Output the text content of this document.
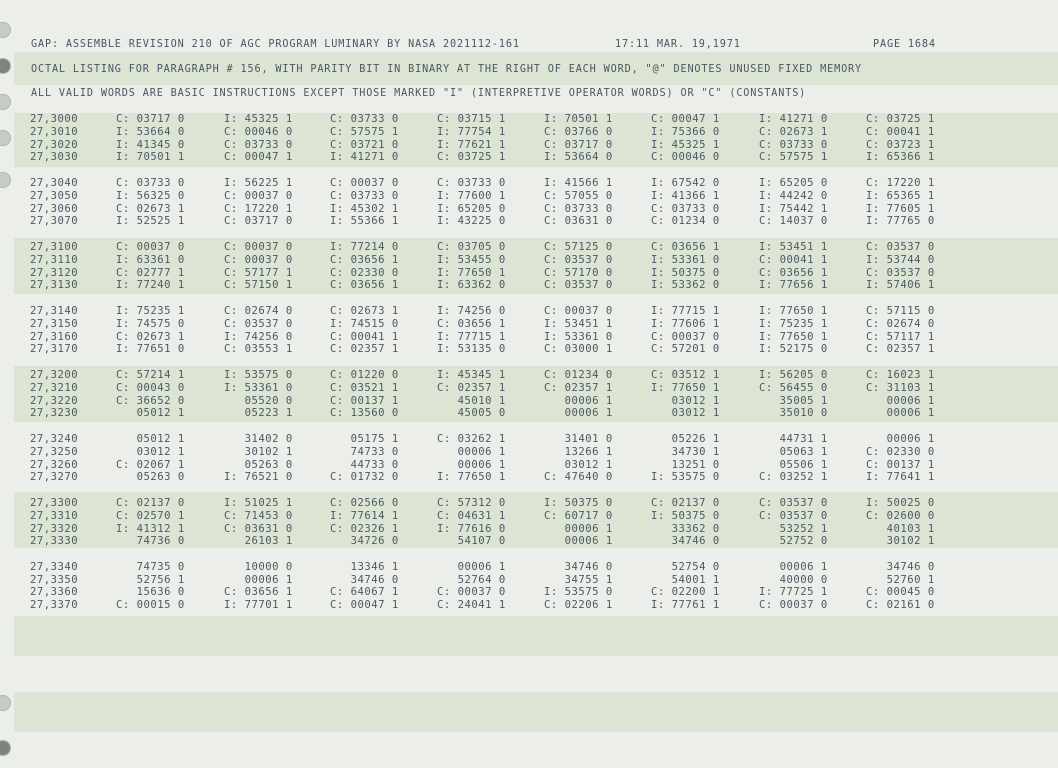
GAP: ASSEMBLE REVISION 210 OF AGC PROGRAM LUMINARY BY NASA 2021112-161	17:11 MAR. 19,1971	PAGE 1684
OCTAL LISTING FOR PARAGRAPH # 156, WITH PARITY BIT IN BINARY AT THE RIGHT OF EACH WORD, "@" DENOTES UNUSED FIXED MEMORY
ALL VALID WORDS ARE BASIC INSTRUCTIONS EXCEPT THOSE MARKED "I" (INTERPRETIVE OPERATOR WORDS) OR "C" (CONSTANTS)
27,3000	C: 03717 0	I: 45325 1	C: 03733 0	C: 03715 1	I: 70501 1	C: 00047 1	I: 41271 0	C: 03725 1
27,3010	I: 53664 0	C: 00046 0	C: 57575 1	I: 77754 1	C: 03766 0	I: 75366 0	C: 02673 1	C: 00041 1
27,3020	I: 41345 0	C: 03733 0	C: 03721 0	I: 77621 1	C: 03717 0	I: 45325 1	C: 03733 0	C: 03723 1
27,3030	I: 70501 1	C: 00047 1	I: 41271 0	C: 03725 1	I: 53664 0	C: 00046 0	C: 57575 1	I: 65366 1
27,3040	C: 03733 0	I: 56225 1	C: 00037 0	C: 03733 0	I: 41566 1	I: 67542 0	I: 65205 0	C: 17220 1
27,3050	I: 56325 0	C: 00037 0	C: 03733 0	I: 77600 1	C: 57055 0	I: 41366 1	I: 44242 0	I: 65365 1
27,3060	C: 02673 1	C: 17220 1	I: 45302 1	I: 65205 0	C: 03733 0	C: 03733 0	I: 75442 1	I: 77605 1
27,3070	I: 52525 1	C: 03717 0	I: 55366 1	I: 43225 0	C: 03631 0	C: 01234 0	C: 14037 0	I: 77765 0
27,3100	C: 00037 0	C: 00037 0	I: 77214 0	C: 03705 0	C: 57125 0	C: 03656 1	I: 53451 1	C: 03537 0
27,3110	I: 63361 0	C: 00037 0	C: 03656 1	I: 53455 0	C: 03537 0	I: 53361 0	C: 00041 1	I: 53744 0
27,3120	C: 02777 1	C: 57177 1	C: 02330 0	I: 77650 1	C: 57170 0	I: 50375 0	C: 03656 1	C: 03537 0
27,3130	I: 77240 1	C: 57150 1	C: 03656 1	I: 63362 0	C: 03537 0	I: 53362 0	I: 77656 1	I: 57406 1
27,3140	I: 75235 1	C: 02674 0	C: 02673 1	I: 74256 0	C: 00037 0	I: 77715 1	I: 77650 1	C: 57115 0
27,3150	I: 74575 0	C: 03537 0	I: 74515 0	C: 03656 1	I: 53451 1	I: 77606 1	I: 75235 1	C: 02674 0
27,3160	C: 02673 1	I: 74256 0	C: 00041 1	I: 77715 1	I: 53361 0	C: 00037 0	I: 77650 1	C: 57117 1
27,3170	I: 77651 0	C: 03553 1	C: 02357 1	I: 53135 0	C: 03000 1	C: 57201 0	I: 52175 0	C: 02357 1
27,3200	C: 57214 1	I: 53575 0	C: 01220 0	I: 45345 1	C: 01234 0	C: 03512 1	I: 56205 0	C: 16023 1
27,3210	C: 00043 0	I: 53361 0	C: 03521 1	C: 02357 1	C: 02357 1	I: 77650 1	C: 56455 0	C: 31103 1
27,3220	C: 36652 0	05520 0	C: 00137 1	45010 1	00006 1	03012 1	35005 1	00006 1
27,3230	05012 1	05223 1	C: 13560 0	45005 0	00006 1	03012 1	35010 0	00006 1
27,3240	05012 1	31402 0	05175 1	C: 03262 1	31401 0	05226 1	44731 1	00006 1
27,3250	03012 1	30102 1	74733 0	00006 1	13266 1	34730 1	05063 1	C: 02330 0
27,3260	C: 02067 1	05263 0	44733 0	00006 1	03012 1	13251 0	05506 1	C: 00137 1
27,3270	05263 0	I: 76521 0	C: 01732 0	I: 77650 1	C: 47640 0	I: 53575 0	C: 03252 1	I: 77641 1
27,3300	C: 02137 0	I: 51025 1	C: 02566 0	C: 57312 0	I: 50375 0	C: 02137 0	C: 03537 0	I: 50025 0
27,3310	C: 02570 1	C: 71453 0	I: 77614 1	C: 04631 1	C: 60717 0	I: 50375 0	C: 03537 0	C: 02600 0
27,3320	I: 41312 1	C: 03631 0	C: 02326 1	I: 77616 0	00006 1	33362 0	53252 1	40103 1
27,3330	74736 0	26103 1	34726 0	54107 0	00006 1	34746 0	52752 0	30102 1
27,3340	74735 0	10000 0	13346 1	00006 1	34746 0	52754 0	00006 1	34746 0
27,3350	52756 1	00006 1	34746 0	52764 0	34755 1	54001 1	40000 0	52760 1
27,3360	15636 0	C: 03656 1	C: 64067 1	C: 00037 0	I: 53575 0	C: 02200 1	I: 77725 1	C: 00045 0
27,3370	C: 00015 0	I: 77701 1	C: 00047 1	C: 24041 1	C: 02206 1	I: 77761 1	C: 00037 0	C: 02161 0
